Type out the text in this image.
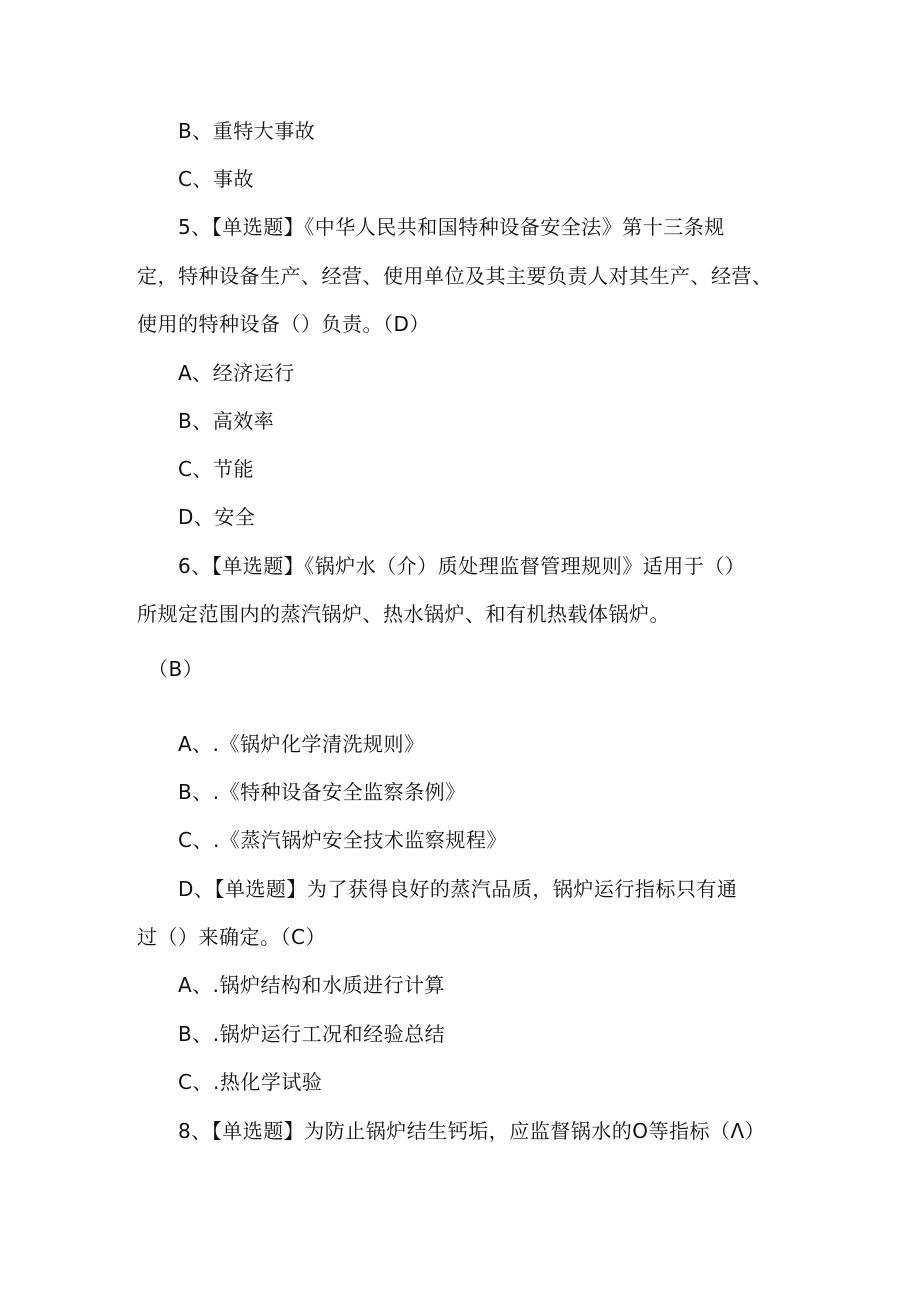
B、重特大事故
C、事故
5、【单选题】《中华人民共和国特种设备安全法》第十三条规
定，特种设备生产、经营、使用单位及其主要负责人对其生产、经营、
使用的特种设备（）负责。（D）
A、经济运行
B、高效率
C、节能
D、安全
6、【单选题】《锅炉水（介）质处理监督管理规则》适用于（）
所规定范围内的蒸汽锅炉、热水锅炉、和有机热载体锅炉。
（B）
A、.《锅炉化学清洗规则》
B、.《特种设备安全监察条例》
C、.《蒸汽锅炉安全技术监察规程》
D、【单选题】为了获得良好的蒸汽品质，锅炉运行指标只有通
过（）来确定。（C）
A、.锅炉结构和水质进行计算
B、.锅炉运行工况和经验总结
C、.热化学试验
8、【单选题】为防止锅炉结生钙垢，应监督锅水的O等指标（Λ）
